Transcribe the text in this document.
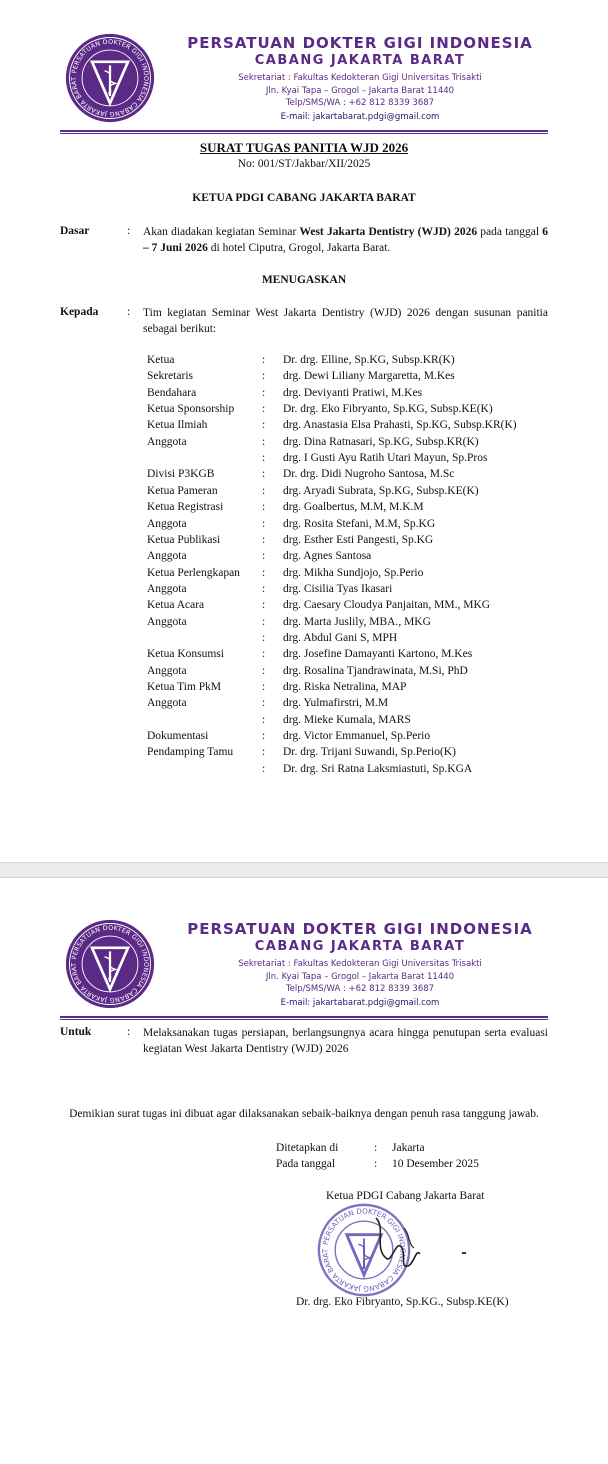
PERSATUAN DOKTER GIGI INDONESIA CABANG JAKARTA BARAT
PERSATUAN DOKTER GIGI INDONESIA
CABANG JAKARTA BARAT
Sekretariat : Fakultas Kedokteran Gigi Universitas Trisakti
Jln. Kyai Tapa – Grogol – Jakarta Barat 11440
Telp/SMS/WA : +62 812 8339 3687
E-mail: jakartabarat.pdgi@gmail.com
SURAT TUGAS PANITIA WJD 2026
No: 001/ST/Jakbar/XII/2025
KETUA PDGI CABANG JAKARTA BARAT
Dasar	: Akan diadakan kegiatan Seminar West Jakarta Dentistry (WJD) 2026 pada tanggal 6 – 7 Juni 2026 di hotel Ciputra, Grogol, Jakarta Barat.
MENUGASKAN
Kepada : Tim kegiatan Seminar West Jakarta Dentistry (WJD) 2026 dengan susunan panitia sebagai berikut:
Ketua	: Dr. drg. Elline, Sp.KG, Subsp.KR(K)
Sekretaris	: drg. Dewi Liliany Margaretta, M.Kes
Bendahara	: drg. Deviyanti Pratiwi, M.Kes
Ketua Sponsorship : Dr. drg. Eko Fibryanto, Sp.KG, Subsp.KE(K)
Ketua Ilmiah	: drg. Anastasia Elsa Prahasti, Sp.KG, Subsp.KR(K)
Anggota	: drg. Dina Ratnasari, Sp.KG, Subsp.KR(K)
: drg. I Gusti Ayu Ratih Utari Mayun, Sp.Pros
Divisi P3KGB	: Dr. drg. Didi Nugroho Santosa, M.Sc
Ketua Pameran	: drg. Aryadi Subrata, Sp.KG, Subsp.KE(K)
Ketua Registrasi	: drg. Goalbertus, M.M, M.K.M
Anggota	: drg. Rosita Stefani, M.M, Sp.KG
Ketua Publikasi	: drg. Esther Esti Pangesti, Sp.KG
Anggota	: drg. Agnes Santosa
Ketua Perlengkapan : drg. Mikha Sundjojo, Sp.Perio
Anggota	: drg. Cisilia Tyas Ikasari
Ketua Acara	: drg. Caesary Cloudya Panjaitan, MM., MKG
Anggota	: drg. Marta Juslily, MBA., MKG
: drg. Abdul Gani S, MPH
Ketua Konsumsi	: drg. Josefine Damayanti Kartono, M.Kes
Anggota	: drg. Rosalina Tjandrawinata, M.Si, PhD
Ketua Tim PkM	: drg. Riska Netralina, MAP
Anggota	: drg. Yulmafirstri, M.M
: drg. Mieke Kumala, MARS
Dokumentasi	: drg. Victor Emmanuel, Sp.Perio
Pendamping Tamu	: Dr. drg. Trijani Suwandi, Sp.Perio(K)
: Dr. drg. Sri Ratna Laksmiastuti, Sp.KGA
PERSATUAN DOKTER GIGI INDONESIA CABANG JAKARTA BARAT
PERSATUAN DOKTER GIGI INDONESIA
CABANG JAKARTA BARAT
Sekretariat : Fakultas Kedokteran Gigi Universitas Trisakti
Jln. Kyai Tapa – Grogol – Jakarta Barat 11440
Telp/SMS/WA : +62 812 8339 3687
E-mail: jakartabarat.pdgi@gmail.com
Untuk	: Melaksanakan tugas persiapan, berlangsungnya acara hingga penutupan serta evaluasi kegiatan West Jakarta Dentistry (WJD) 2026
Demikian surat tugas ini dibuat agar dilaksanakan sebaik-baiknya dengan penuh rasa tanggung jawab.
Ditetapkan di	: Jakarta
Pada tanggal	: 10 Desember 2025
Ketua PDGI Cabang Jakarta Barat
PERSATUAN DOKTER GIGI INDONESIA CABANG JAKARTA BARAT
Dr. drg. Eko Fibryanto, Sp.KG., Subsp.KE(K)
